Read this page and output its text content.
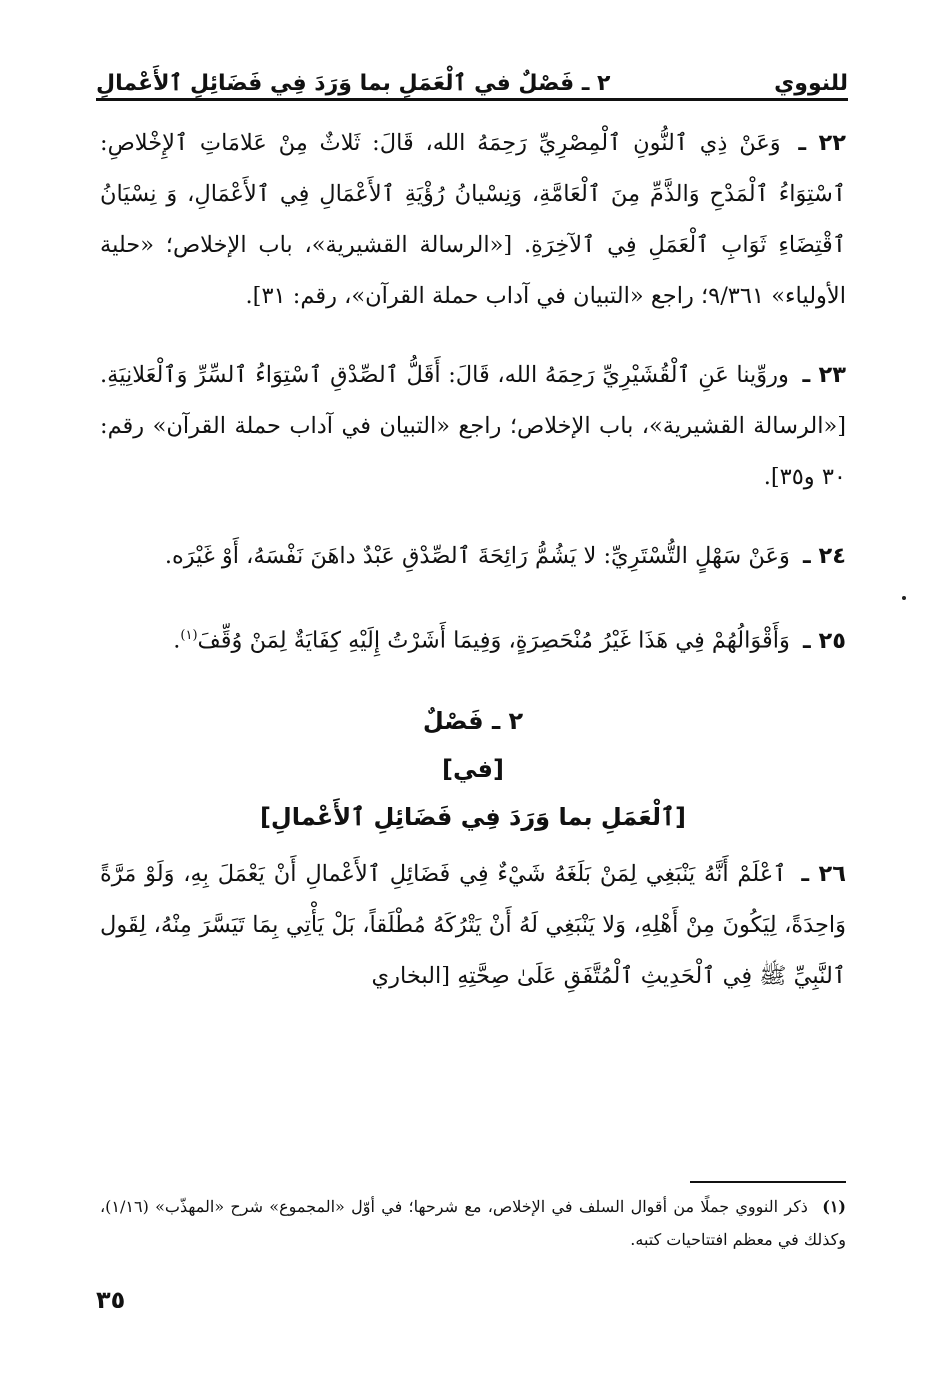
للنووي
٢ ـ فَصْلٌ في ٱلْعَمَلِ بما وَرَدَ فِي فَضَائِلِ ٱلأَعْمالِ

٢٢ ـ وَعَنْ ذِي ٱلنُّونِ ٱلْمِصْرِيِّ رَحِمَهُ الله، قَالَ: ثَلاثٌ مِنْ عَلامَاتِ ٱلإِخْلاصِ: ٱسْتِوَاءُ ٱلْمَدْحِ وَالذَّمِّ مِنَ ٱلْعَامَّةِ، وَنِسْيانُ رُؤْيَةِ ٱلأَعْمَالِ فِي ٱلأَعْمَالِ، وَ نِسْيَانُ ٱقْتِضَاءِ ثَوَابِ ٱلْعَمَلِ فِي ٱلآخِرَةِ. [«الرسالة القشيرية»، باب الإخلاص؛ «حلية الأولياء» ٩/٣٦١؛ راجع «التبيان في آداب حملة القرآن»، رقم: ٣١].

٢٣ ـ وروِّينا عَنِ ٱلْقُشَيْرِيِّ رَحِمَهُ الله، قَالَ: أَقَلُّ ٱلصِّدْقِ ٱسْتِوَاءُ ٱلسِّرِّ وَٱلْعَلانِيَةِ. [«الرسالة القشيرية»، باب الإخلاص؛ راجع «التبيان في آداب حملة القرآن» رقم: ٣٠ و٣٥].

٢٤ ـ وَعَنْ سَهْلٍ التُّسْتَرِيِّ: لا يَشُمُّ رَائِحَةَ ٱلصِّدْقِ عَبْدٌ داهَنَ نَفْسَهُ، أَوْ غَيْرَه.

٢٥ ـ وَأَقْوَالُهُمْ فِي هَذَا غَيْرُ مُنْحَصِرَةٍ، وَفِيمَا أَشَرْتُ إِلَيْهِ كِفَايَةٌ لِمَنْ وُقِّفَ$^{(١)}$.

٢ ـ فَصْلٌ
[في]
[ٱلْعَمَلِ بما وَرَدَ فِي فَضَائِلِ ٱلأَعْمالِ]

٢٦ ـ ٱعْلَمْ أَنَّهُ يَنْبَغِي لِمَنْ بَلَغَهُ شَيْءٌ فِي فَضَائِلِ ٱلأَعْمالِ أَنْ يَعْمَلَ بِهِ، وَلَوْ مَرَّةً وَاحِدَةً، لِيَكُونَ مِنْ أَهْلِهِ، وَلا يَنْبَغِي لَهُ أَنْ يَتْرُكَهُ مُطْلَقاً، بَلْ يَأْتِي بِمَا تَيَسَّرَ مِنْهُ، لِقَول ٱلنَّبِيِّ ﷺ فِي ٱلْحَدِيثِ ٱلْمُتَّفَقِ عَلَىٰ صِحَّتِهِ [البخاري

(١) ذكر النووي جملًا من أقوال السلف في الإخلاص، مع شرحها؛ في أوّل «المجموع» شرح «المهذّب» (١/١٦)، وكذلك في معظم افتتاحيات كتبه.
٣٥
